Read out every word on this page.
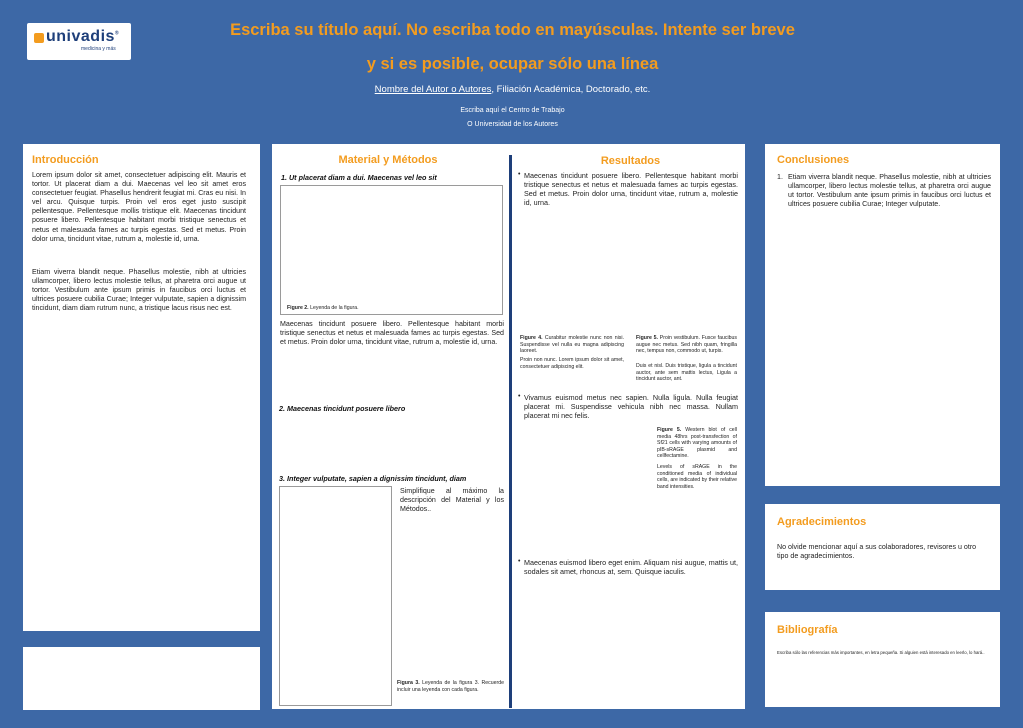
univadis®
medicina y más
Escriba su título aquí. No escriba todo en mayúsculas. Intente ser breve
y si es posible, ocupar sólo una línea
Nombre del Autor o Autores, Filiación Académica, Doctorado, etc.
Escriba aquí el Centro de Trabajo
O Universidad de los Autores
Introducción
Lorem ipsum dolor sit amet, consectetuer adipiscing elit. Mauris et tortor. Ut placerat diam a dui. Maecenas vel leo sit amet eros consectetuer feugiat. Phasellus hendrerit feugiat mi. Cras eu nisi. In vel arcu. Quisque turpis. Proin vel eros eget justo suscipit pellentesque. Pellentesque mollis tristique elit. Maecenas tincidunt posuere libero. Pellentesque habitant morbi tristique senectus et netus et malesuada fames ac turpis egestas. Sed et metus. Proin dolor urna, tincidunt vitae, rutrum a, molestie id, urna.
Etiam viverra blandit neque. Phasellus molestie, nibh at ultricies ullamcorper, libero lectus molestie tellus, at pharetra orci augue ut tortor. Vestibulum ante ipsum primis in faucibus orci luctus et ultrices posuere cubilia Curae; Integer vulputate, sapien a dignissim tincidunt, diam diam rutrum nunc, a tristique lacus risus nec est.
Material y Métodos
1. Ut placerat diam a dui. Maecenas vel leo sit
Figure 2. Leyenda de la figura.
Maecenas tincidunt posuere libero. Pellentesque habitant morbi tristique senectus et netus et malesuada fames ac turpis egestas. Sed et metus. Proin dolor urna, tincidunt vitae, rutrum a, molestie id, urna.
2. Maecenas tincidunt posuere libero
3. Integer vulputate, sapien a dignissim tincidunt, diam
Simplifique al máximo la descripción del Material y los Métodos..
Figura 3. Leyenda de la figura 3. Recuerde incluir una leyenda con cada figura.
Resultados
• Maecenas tincidunt posuere libero. Pellentesque habitant morbi tristique senectus et netus et malesuada fames ac turpis egestas. Sed et metus. Proin dolor urna, tincidunt vitae, rutrum a, molestie id, urna.
Figure 4. Curabitur molestie nunc non nisi. Suspendisse vel nulla eu magna adipiscing laoreet.
Proin non nunc. Lorem ipsum dolor sit amet, consectetuer adipiscing elit.
Figure 5. Proin vestibulum. Fusce faucibus augue nec metus. Sed nibh quam, fringilla nec, tempus non, commodo ut, turpis.
Duis et nisl. Duis tristique, ligula a tincidunt auctor, ante sem mattis lectus, Ligula a tincidunt auctor, ant.
• Vivamus euismod metus nec sapien. Nulla ligula. Nulla feugiat placerat mi. Suspendisse vehicula nibh nec massa. Nullam placerat mi nec felis.
Figure 5. Western blot of cell media 48hrs post-transfection of Sf21 cells with varying amounts of pIB-sRAGE plasmid and cellfectamine.
Levels of sRAGE in the conditioned media of individual cells, are indicated by their relative band intensities.
• Maecenas euismod libero eget enim. Aliquam nisi augue, mattis ut, sodales sit amet, rhoncus at, sem. Quisque iaculis.
Conclusiones
1. Etiam viverra blandit neque. Phasellus molestie, nibh at ultricies ullamcorper, libero lectus molestie tellus, at pharetra orci augue ut tortor. Vestibulum ante ipsum primis in faucibus orci luctus et ultrices posuere cubilia Curae; Integer vulputate.
Agradecimientos
No olvide mencionar aquí a sus colaboradores, revisores u otro tipo de agradecimientos.
Bibliografía
Escriba sólo las referencias más importantes, en letra pequeña. Si alguien está interesado en leerlo, lo hará..
